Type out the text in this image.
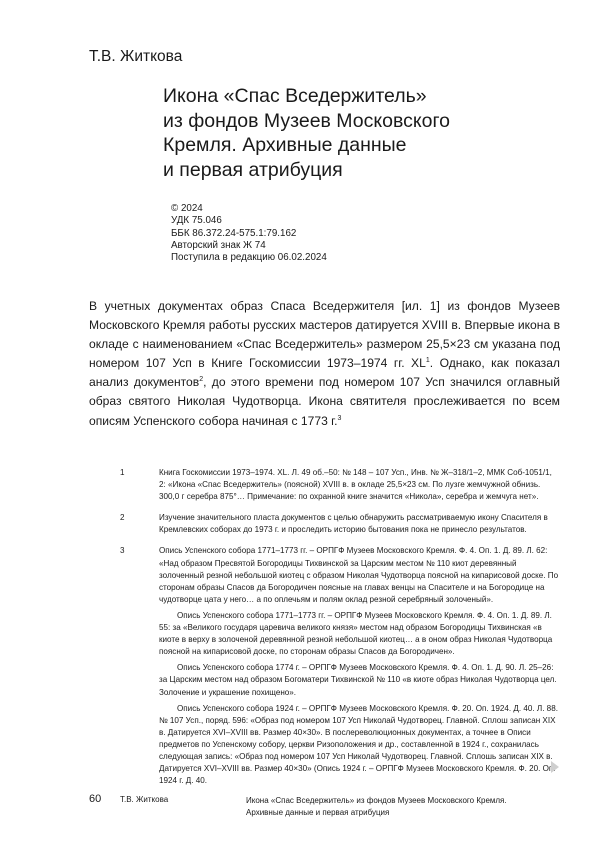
Т.В. Житкова
Икона «Спас Вседержитель»
из фондов Музеев Московского
Кремля. Архивные данные
и первая атрибуция
© 2024
УДК 75.046
ББК 86.372.24-575.1:79.162
Авторский знак Ж 74
Поступила в редакцию 06.02.2024

В учетных документах образ Спаса Вседержителя [ил. 1] из фондов Музеев Московского Кремля работы русских мастеров датируется XVIII в. Впервые икона в окладе с наименованием «Спас Вседержитель» размером 25,5×23 см указана под номером 107 Усп в Книге Госкомиссии 1973–1974 гг. XL1. Однако, как показал анализ документов2, до этого времени под номером 107 Усп значился оглавный образ святого Николая Чудотворца. Икона святителя прослеживается по всем описям Успенского собора начиная с 1773 г.3

1	Книга Госкомиссии 1973–1974. XL. Л. 49 об.–50: № 148 – 107 Усп., Инв. № Ж–318/1–2, ММК Соб-1051/1, 2: «Икона «Спас Вседержитель» (поясной) XVIII в. в окладе 25,5×23 см. По лузге жемчужной обнизь. 300,0 г серебра 875°… Примечание: по охранной книге значится «Никола», серебра и жемчуга нет».

2	Изучение значительного пласта документов с целью обнаружить рассматриваемую икону Спасителя в Кремлевских соборах до 1973 г. и проследить историю бытования пока не принесло результатов.

3	Опись Успенского собора 1771–1773 гг. – ОРПГФ Музеев Московского Кремля. Ф. 4. Оп. 1. Д. 89. Л. 62: «Над образом Пресвятой Богородицы Тихвинской за Царским местом № 110 киот деревянный золоченный резной небольшой киотец с образом Николая Чудотворца поясной на кипарисовой доске. По сторонам образы Спасов да Богородичен поясные на главах венцы на Спасителе и на Богородице на чудотворце цата у него… а по оплечьям и полям оклад резной серебряный золоченый».

Опись Успенского собора 1771–1773 гг. – ОРПГФ Музеев Московского Кремля. Ф. 4. Оп. 1. Д. 89. Л. 55: за «Великого государя царевича великого князя» местом над образом Богородицы Тихвинская «в киоте в верху в золоченой деревянной резной небольшой киотец… а в оном образ Николая Чудотворца поясной на кипарисовой доске, по сторонам образы Спасов да Богородичен».

Опись Успенского собора 1774 г. – ОРПГФ Музеев Московского Кремля. Ф. 4. Оп. 1. Д. 90. Л. 25–26: за Царским местом над образом Богоматери Тихвинской № 110 «в киоте образ Николая Чудотворца цел. Золочение и украшение похищено».

Опись Успенского собора 1924 г. – ОРПГФ Музеев Московского Кремля. Ф. 20. Оп. 1924. Д. 40. Л. 88. № 107 Усп., поряд. 596: «Образ под номером 107 Усп Николай Чудотворец. Главной. Сплош записан XIX в. Датируется XVI–XVIII вв. Размер 40×30». В послереволюционных документах, а точнее в Описи предметов по Успенскому собору, церкви Ризоположения и др., составленной в 1924 г., сохранилась следующая запись: «Образ под номером 107 Усп Николай Чудотворец. Главной. Сплошь записан XIX в. Датируется XVI–XVIII вв. Размер 40×30» (Опись 1924 г. – ОРПГФ Музеев Московского Кремля. Ф. 20. Оп. 1924 г. Д. 40.

60 Т.В. Житкова	Икона «Спас Вседержитель» из фондов Музеев Московского Кремля.
Архивные данные и первая атрибуция
